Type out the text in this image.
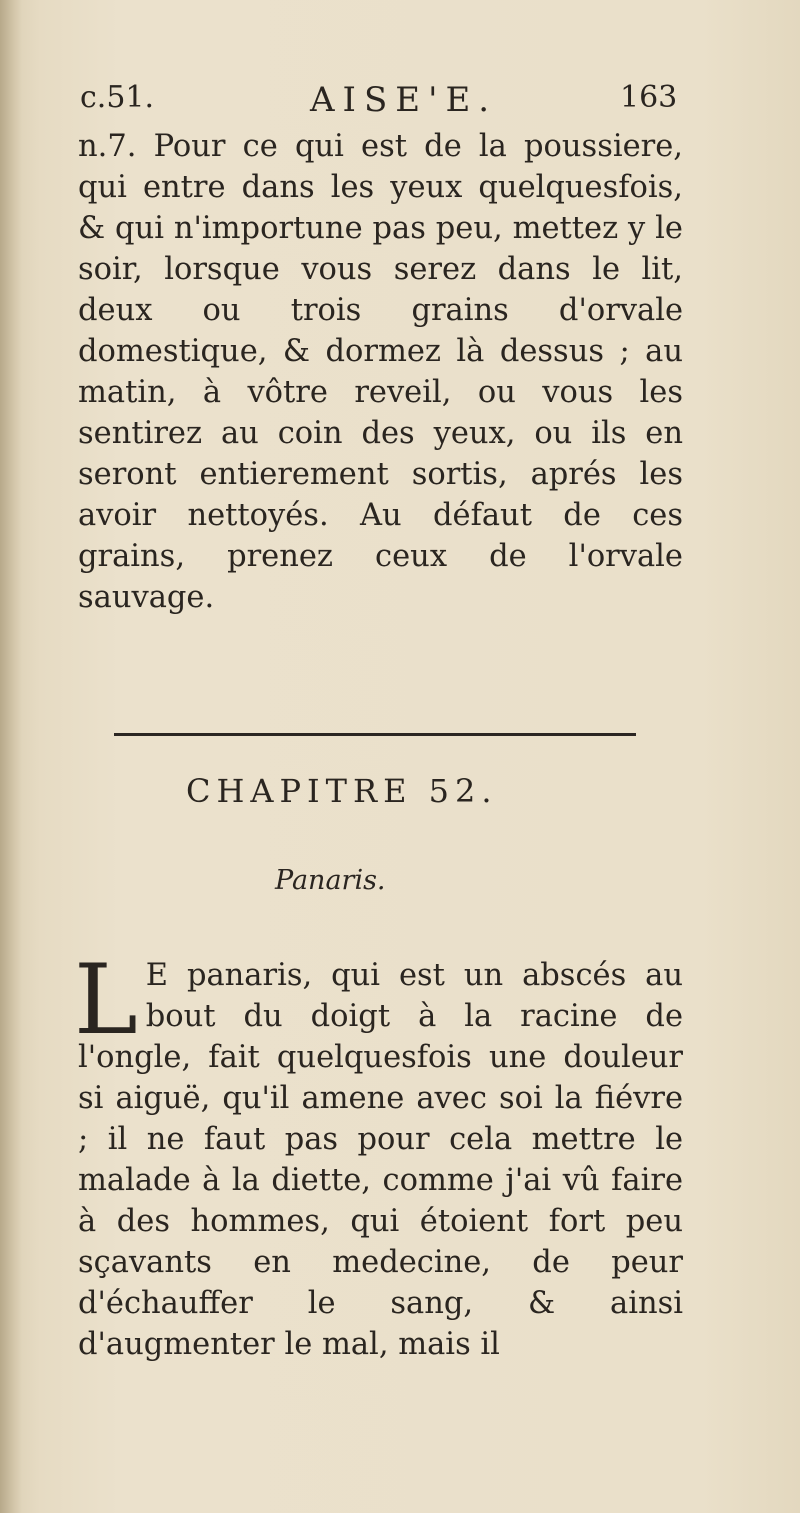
c.51.	AISE'E.	163
n.7. Pour ce qui est de la poussiere, qui entre dans les yeux quelquesfois, & qui n'importune pas peu, mettez y le soir, lorsque vous serez dans le lit, deux ou trois grains d'orvale domestique, & dormez là dessus ; au matin, à vôtre reveil, ou vous les sentirez au coin des yeux, ou ils en seront entierement sortis, aprés les avoir nettoyés. Au défaut de ces grains, prenez ceux de l'orvale sauvage.
CHAPITRE 52.
Panaris.
L E panaris, qui est un abscés au bout du doigt à la racine de l'ongle, fait quelquesfois une douleur si aiguë, qu'il amene avec soi la fiévre ; il ne faut pas pour cela mettre le malade à la diette, comme j'ai vû faire à des hommes, qui étoient fort peu sçavants en medecine, de peur d'échauffer le sang, & ainsi d'augmenter le mal, mais il
